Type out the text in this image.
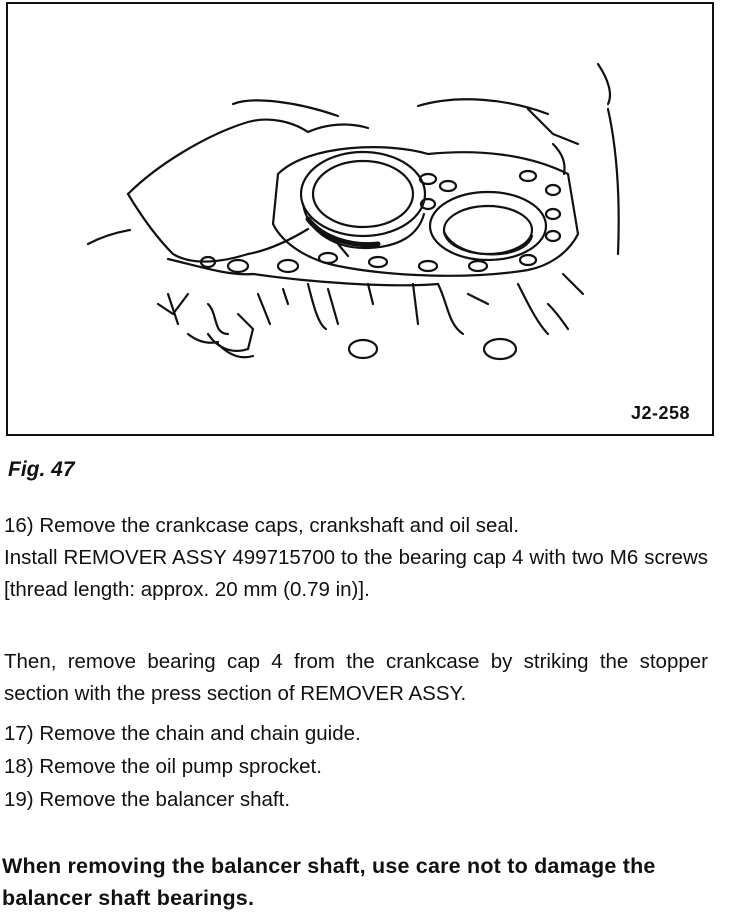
J2-258
Fig. 47

16) Remove the crankcase caps, crankshaft and oil seal.

Install REMOVER ASSY 499715700 to the bearing cap 4 with two M6 screws [thread length: approx. 20 mm (0.79 in)].

Then, remove bearing cap 4 from the crankcase by striking the stopper section with the press section of REMOVER ASSY.

17) Remove the chain and chain guide.

18) Remove the oil pump sprocket.

19) Remove the balancer shaft.

When removing the balancer shaft, use care not to damage the balancer shaft bearings.
